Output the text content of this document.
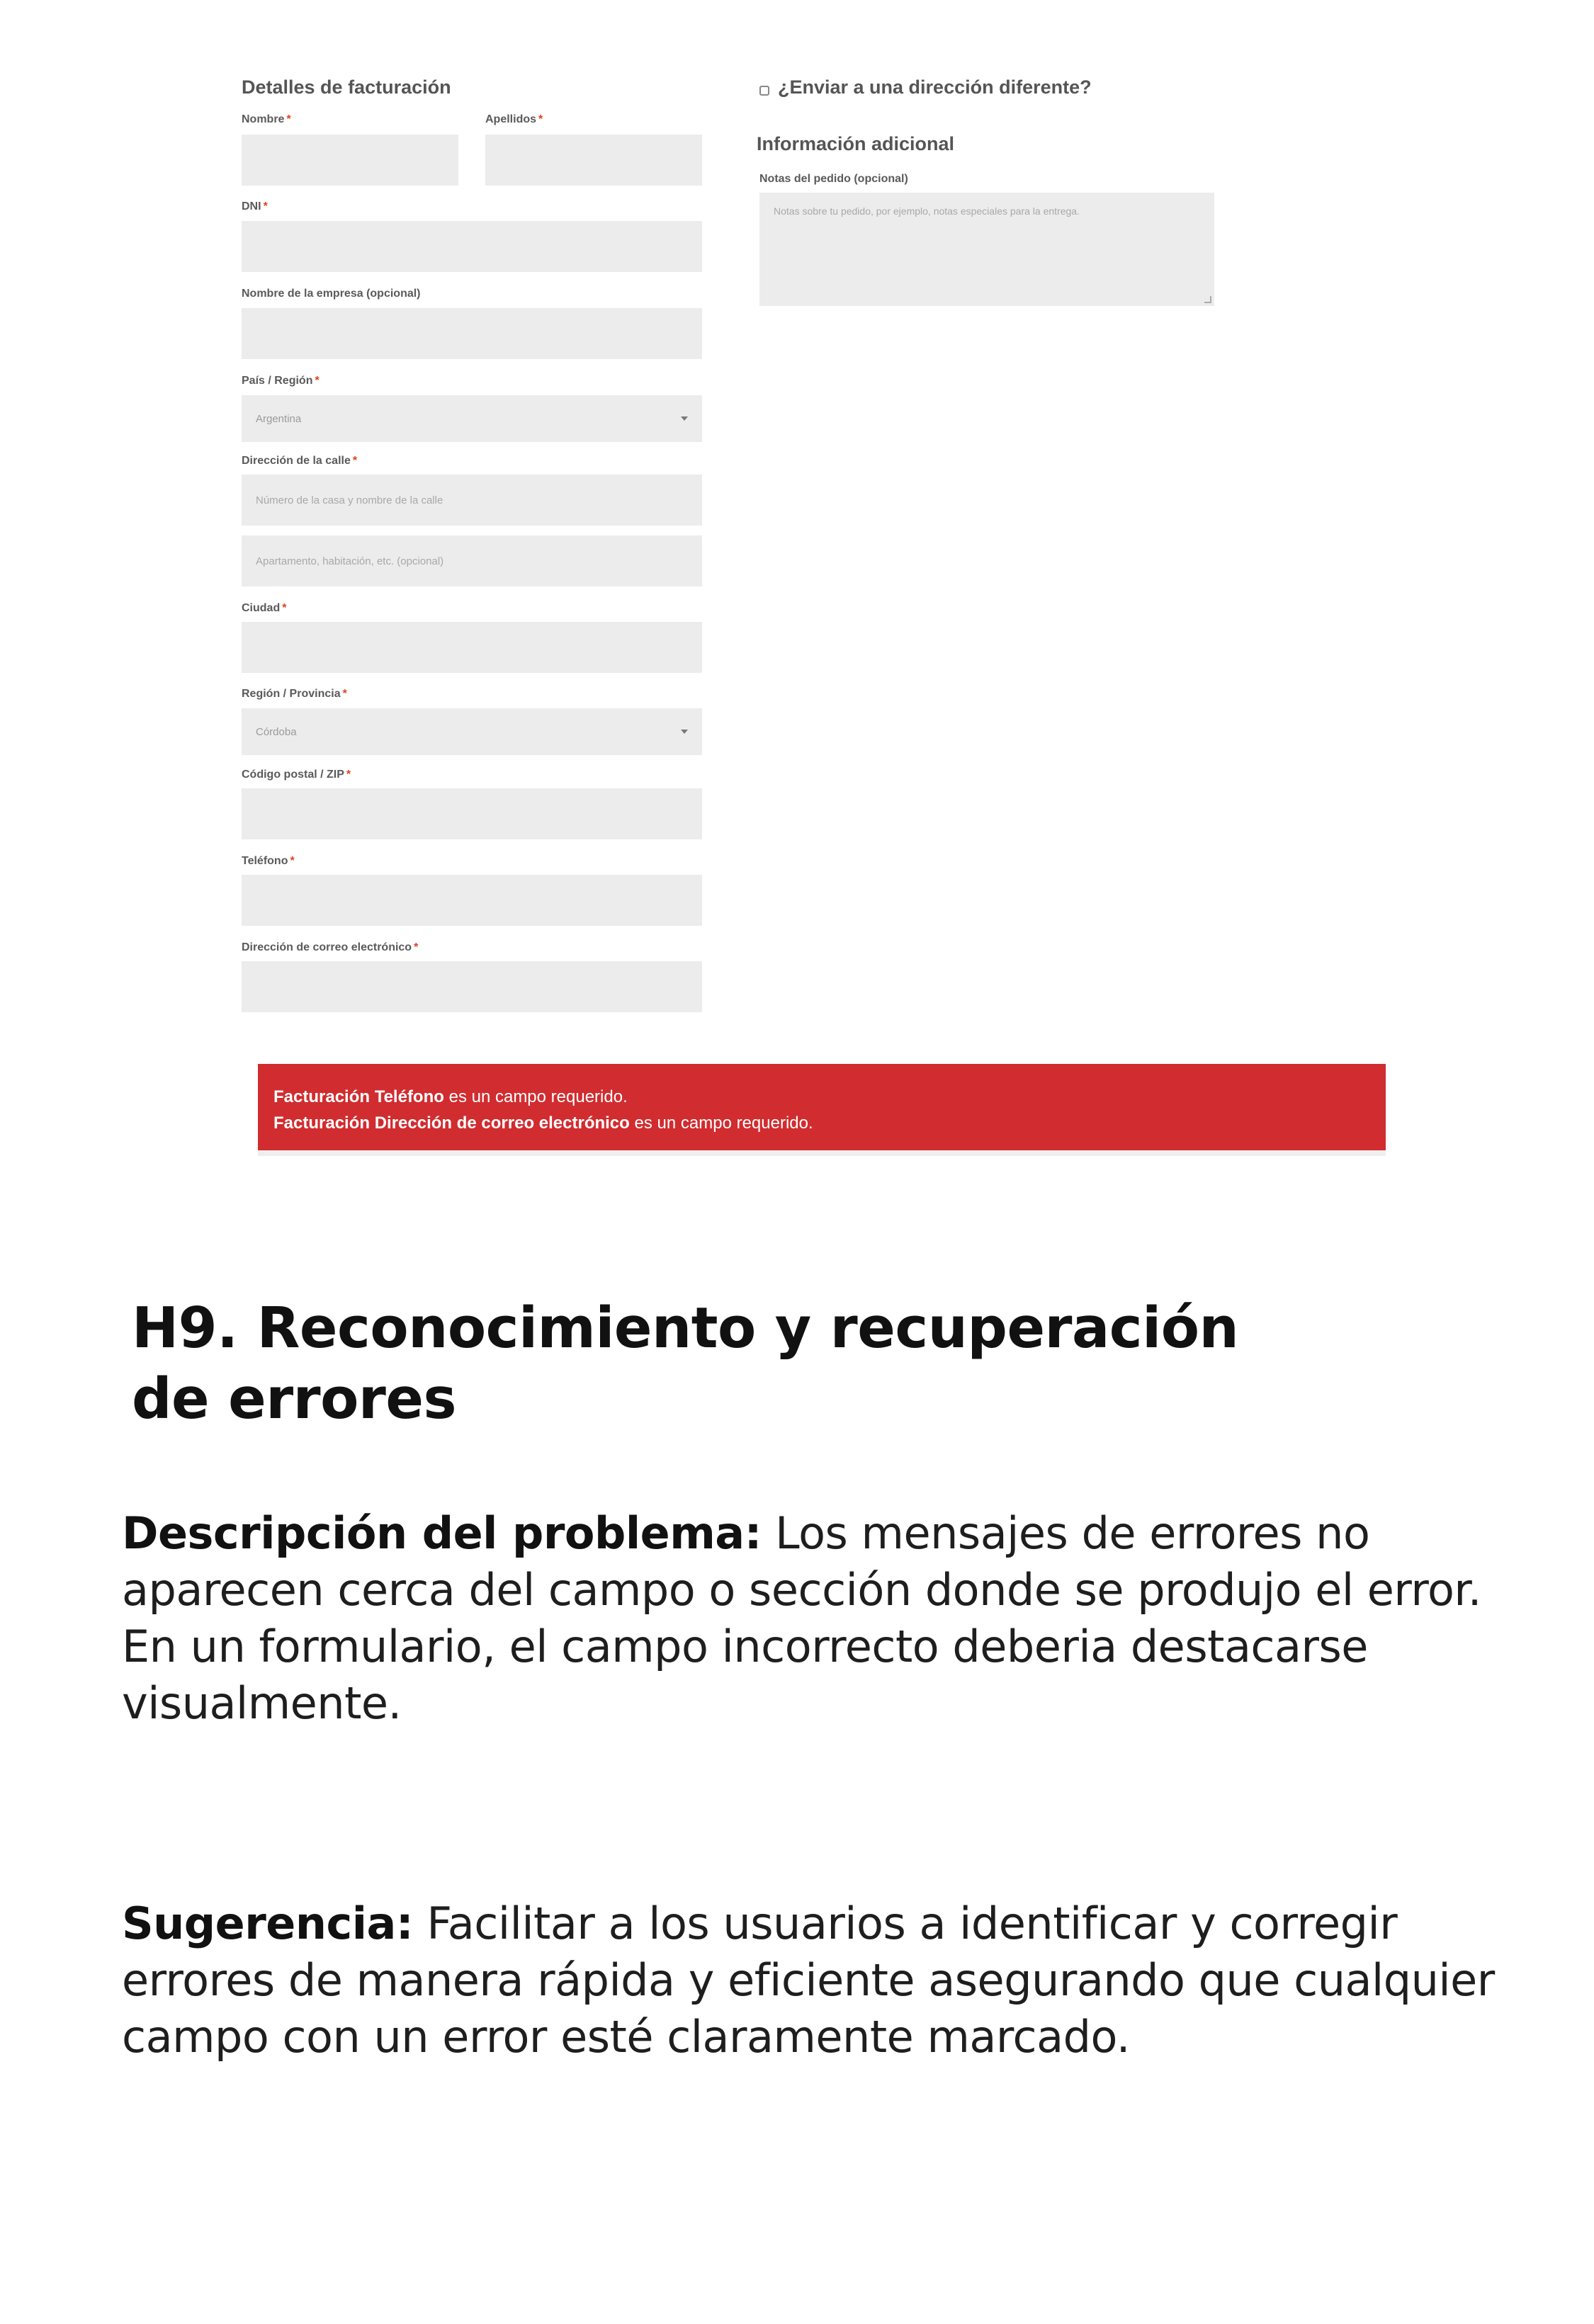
Detalles de facturación
Nombre *	Apellidos *
DNI *
Nombre de la empresa (opcional)
País / Región *
Argentina
Dirección de la calle *
Número de la casa y nombre de la calle
Apartamento, habitación, etc. (opcional)
Ciudad *
Región / Provincia *
Córdoba
Código postal / ZIP *
Teléfono *
Dirección de correo electrónico *
¿Enviar a una dirección diferente?
Información adicional
Notas del pedido (opcional)
Notas sobre tu pedido, por ejemplo, notas especiales para la entrega.
Facturación Teléfono es un campo requerido.
Facturación Dirección de correo electrónico es un campo requerido.
H9. Reconocimiento y recuperación
de errores
Descripción del problema: Los mensajes de errores no aparecen cerca del campo o sección donde se produjo el error. En un formulario, el campo incorrecto deberia destacarse visualmente.
Sugerencia: Facilitar a los usuarios a identificar y corregir errores de manera rápida y eficiente asegurando que cualquier campo con un error esté claramente marcado.
